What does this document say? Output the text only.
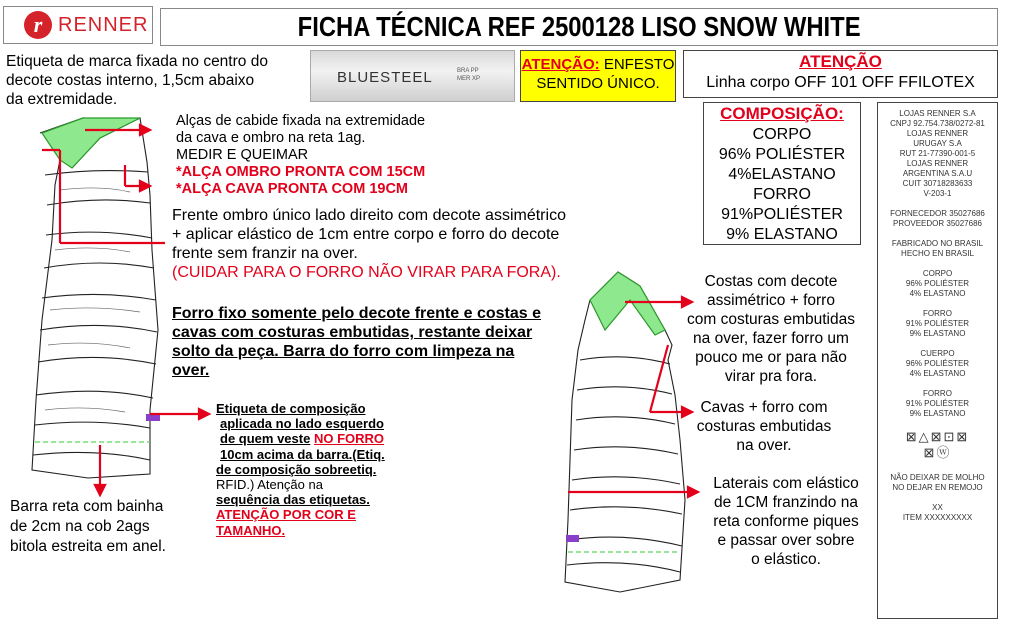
r RENNER	FICHA TÉCNICA REF 2500128 LISO SNOW WHITE
Etiqueta de marca fixada no centro do
decote costas interno, 1,5cm abaixo
da extremidade.
BLUESTEEL	BRA PP
MER XP
ATENÇÃO: ENFESTO
SENTIDO ÚNICO.
ATENÇÃO
Linha corpo OFF 101 OFF FFILOTEX
COMPOSIÇÃO:
CORPO
96% POLIÉSTER
4%ELASTANO
FORRO
91%POLIÉSTER
9% ELASTANO

LOJAS RENNER S.A
CNPJ 92.754.738/0272-81
LOJAS RENNER
URUGAY S.A
RUT 21-77390-001-5
LOJAS RENNER
ARGENTINA S.A.U
CUIT 30718283633
V-203-1

FORNECEDOR 35027686
PROVEEDOR 35027686

FABRICADO NO BRASIL
HECHO EN BRASIL

CORPO
96% POLIÉSTER
4% ELASTANO

FORRO
91% POLIÉSTER
9% ELASTANO

CUERPO
96% POLIÉSTER
4% ELASTANO

FORRO
91% POLIÉSTER
9% ELASTANO

⊠△⊠⊡⊠
⊠ⓦ

NÃO DEIXAR DE MOLHO
NO DEJAR EN REMOJO

XX
ITEM XXXXXXXXX

Alças de cabide fixada na extremidade
da cava e ombro na reta 1ag.
MEDIR E QUEIMAR
*ALÇA OMBRO PRONTA COM 15CM
*ALÇA CAVA PRONTA COM 19CM
Frente ombro único lado direito com decote assimétrico
+ aplicar elástico de 1cm entre corpo e forro do decote
frente sem franzir na over.
(CUIDAR PARA O FORRO NÃO VIRAR PARA FORA).
Forro fixo somente pelo decote frente e costas e
cavas com costuras embutidas, restante deixar
solto da peça. Barra do forro com limpeza na
over.
Etiqueta de composição
aplicada no lado esquerdo
de quem veste NO FORRO
10cm acima da barra.(Etiq.
de composição sobreetiq.
RFID.) Atenção na
sequência das etiquetas.
ATENÇÃO POR COR E
TAMANHO.
Barra reta com bainha
de 2cm na cob 2ags
bitola estreita em anel.
Costas com decote
assimétrico + forro
com costuras embutidas
na over, fazer forro um
pouco me or para não
virar pra fora.
Cavas + forro com
costuras embutidas
na over.
Laterais com elástico
de 1CM franzindo na
reta conforme piques
e passar over sobre
o elástico.
